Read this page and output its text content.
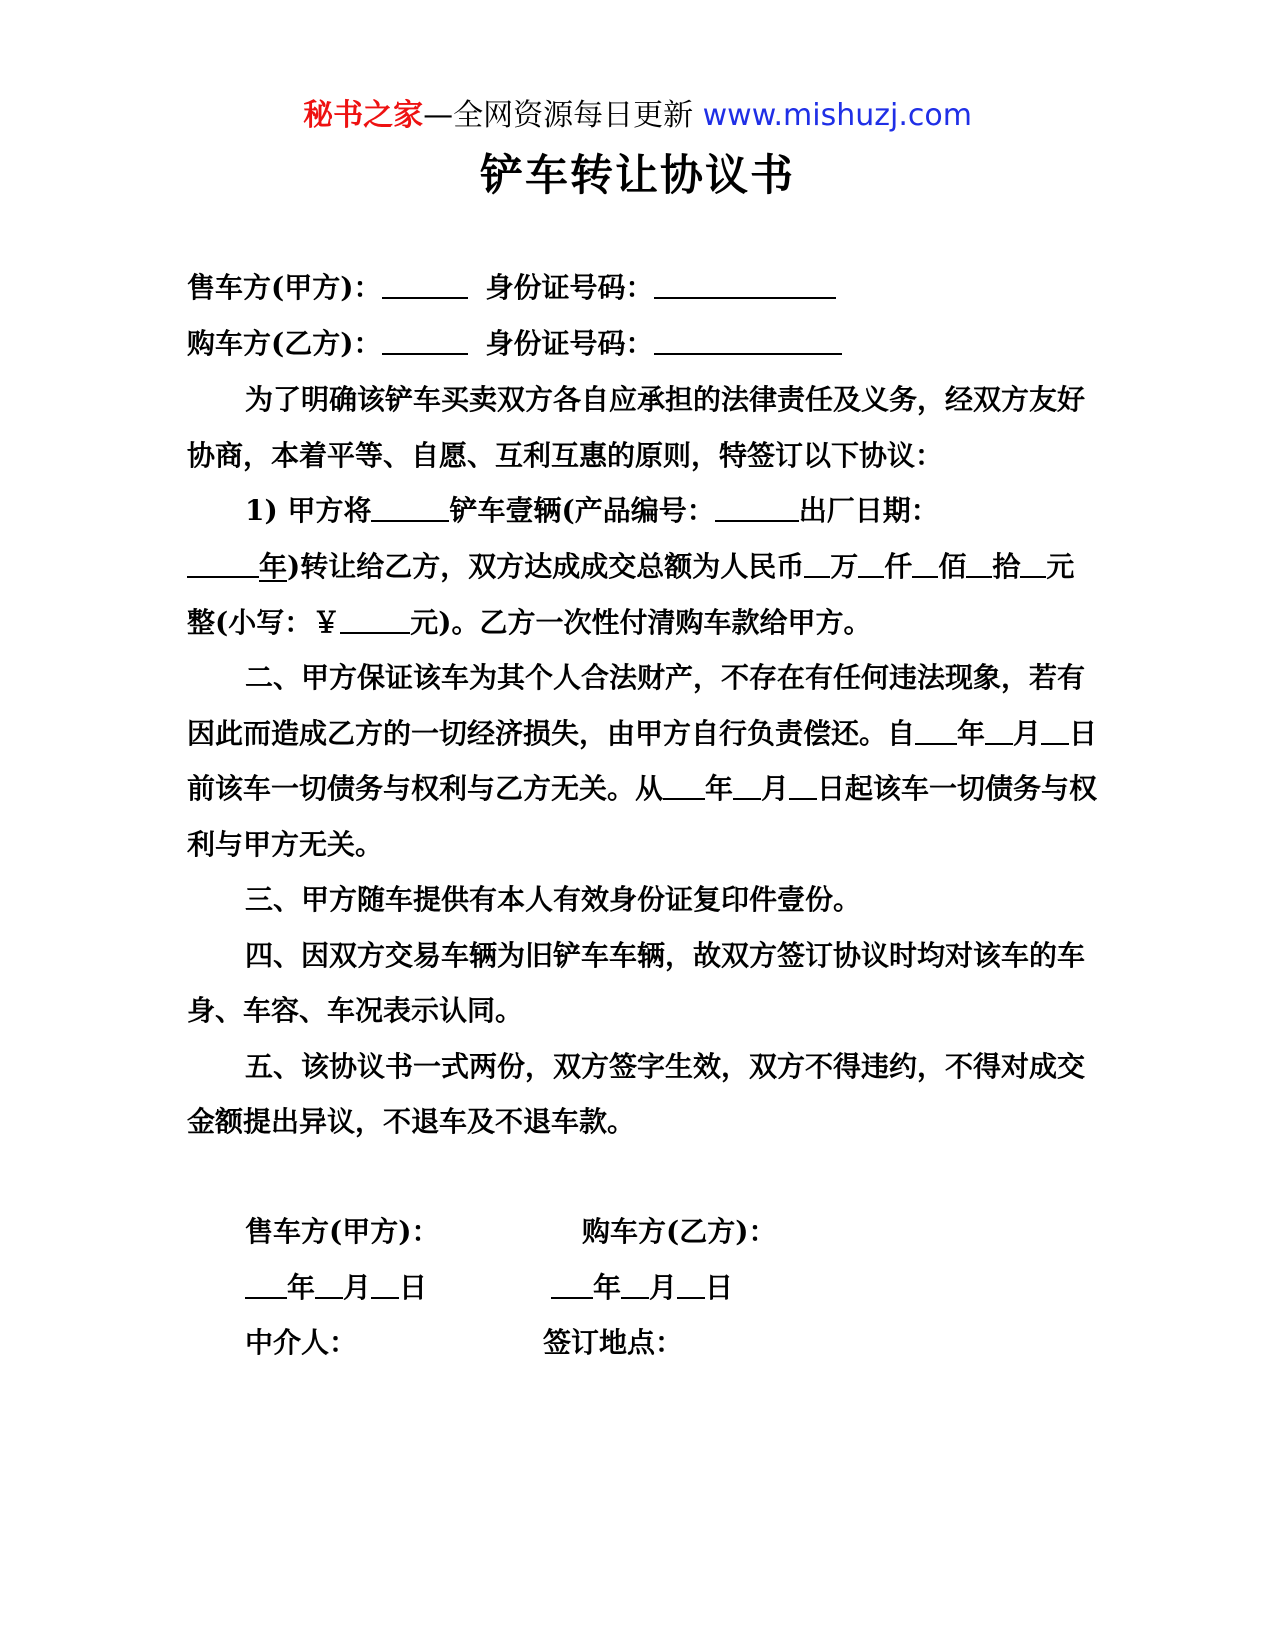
秘书之家—全网资源每日更新 www.mishuzj.com
铲车转让协议书
售车方(甲方)：	身份证号码：
购车方(乙方)：	身份证号码：
为了明确该铲车买卖双方各自应承担的法律责任及义务，经双方友好
协商，本着平等、自愿、互利互惠的原则，特签订以下协议：
1) 甲方将	铲车壹辆(产品编号：	出厂日期：
年)转让给乙方，双方达成成交总额为人民币 万 仟 佰 拾 元
整(小写：￥	元)。乙方一次性付清购车款给甲方。
二、甲方保证该车为其个人合法财产，不存在有任何违法现象，若有
因此而造成乙方的一切经济损失，由甲方自行负责偿还。自 年 月 日
前该车一切债务与权利与乙方无关。从 年 月 日起该车一切债务与权
利与甲方无关。
三、甲方随车提供有本人有效身份证复印件壹份。
四、因双方交易车辆为旧铲车车辆，故双方签订协议时均对该车的车
身、车容、车况表示认同。
五、该协议书一式两份，双方签字生效，双方不得违约，不得对成交
金额提出异议，不退车及不退车款。
售车方(甲方)：	购车方(乙方)：
年 月 日	年 月 日
中介人：	签订地点：
